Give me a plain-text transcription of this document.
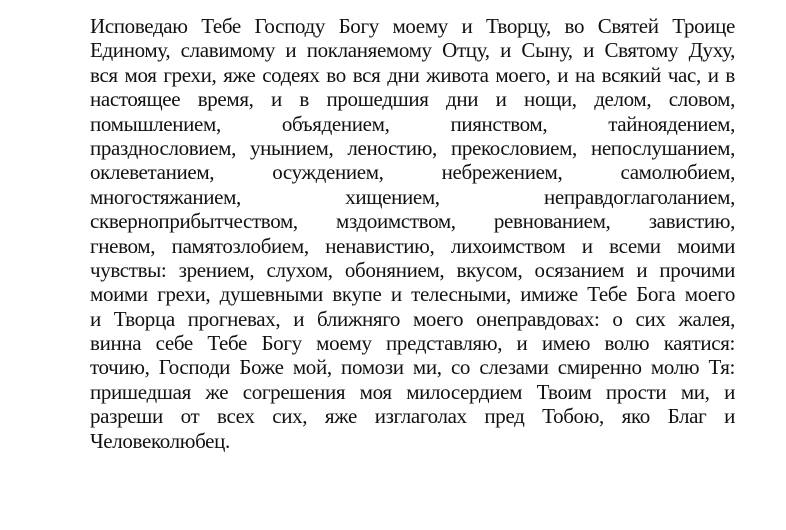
Исповедаю Тебе Господу Богу моему и Творцу, во Святей Троице
Единому, славимому и покланяемому Отцу, и Сыну, и Святому Духу,
вся моя грехи, яже содеях во вся дни живота моего, и на всякий час, и в
настоящее время, и в прошедшия дни и нощи, делом, словом,
помышлением, объядением, пиянством, тайноядением,
празднословием, унынием, леностию, прекословием, непослушанием,
оклеветанием, осуждением, небрежением, самолюбием,
многостяжанием, хищением, неправдоглаголанием,
сквернoприбытчеством, мздоимством, ревнованием, завистию,
гневом, памятозлобием, ненавистию, лихоимством и всеми моими
чувствы: зрением, слухом, обонянием, вкусом, осязанием и прочими
моими грехи, душевными вкупе и телесными, имиже Тебе Бога моего
и Творца прогневах, и ближняго моего онеправдовах: о сих жалея,
винна себе Тебе Богу моему представляю, и имею волю каятися:
точию, Господи Боже мой, помози ми, со слезами смиренно молю Тя:
пришедшая же согрешения моя милосердием Твоим прости ми, и
разреши от всех сих, яже изглаголах пред Тобою, яко Благ и
Человеколюбец.
